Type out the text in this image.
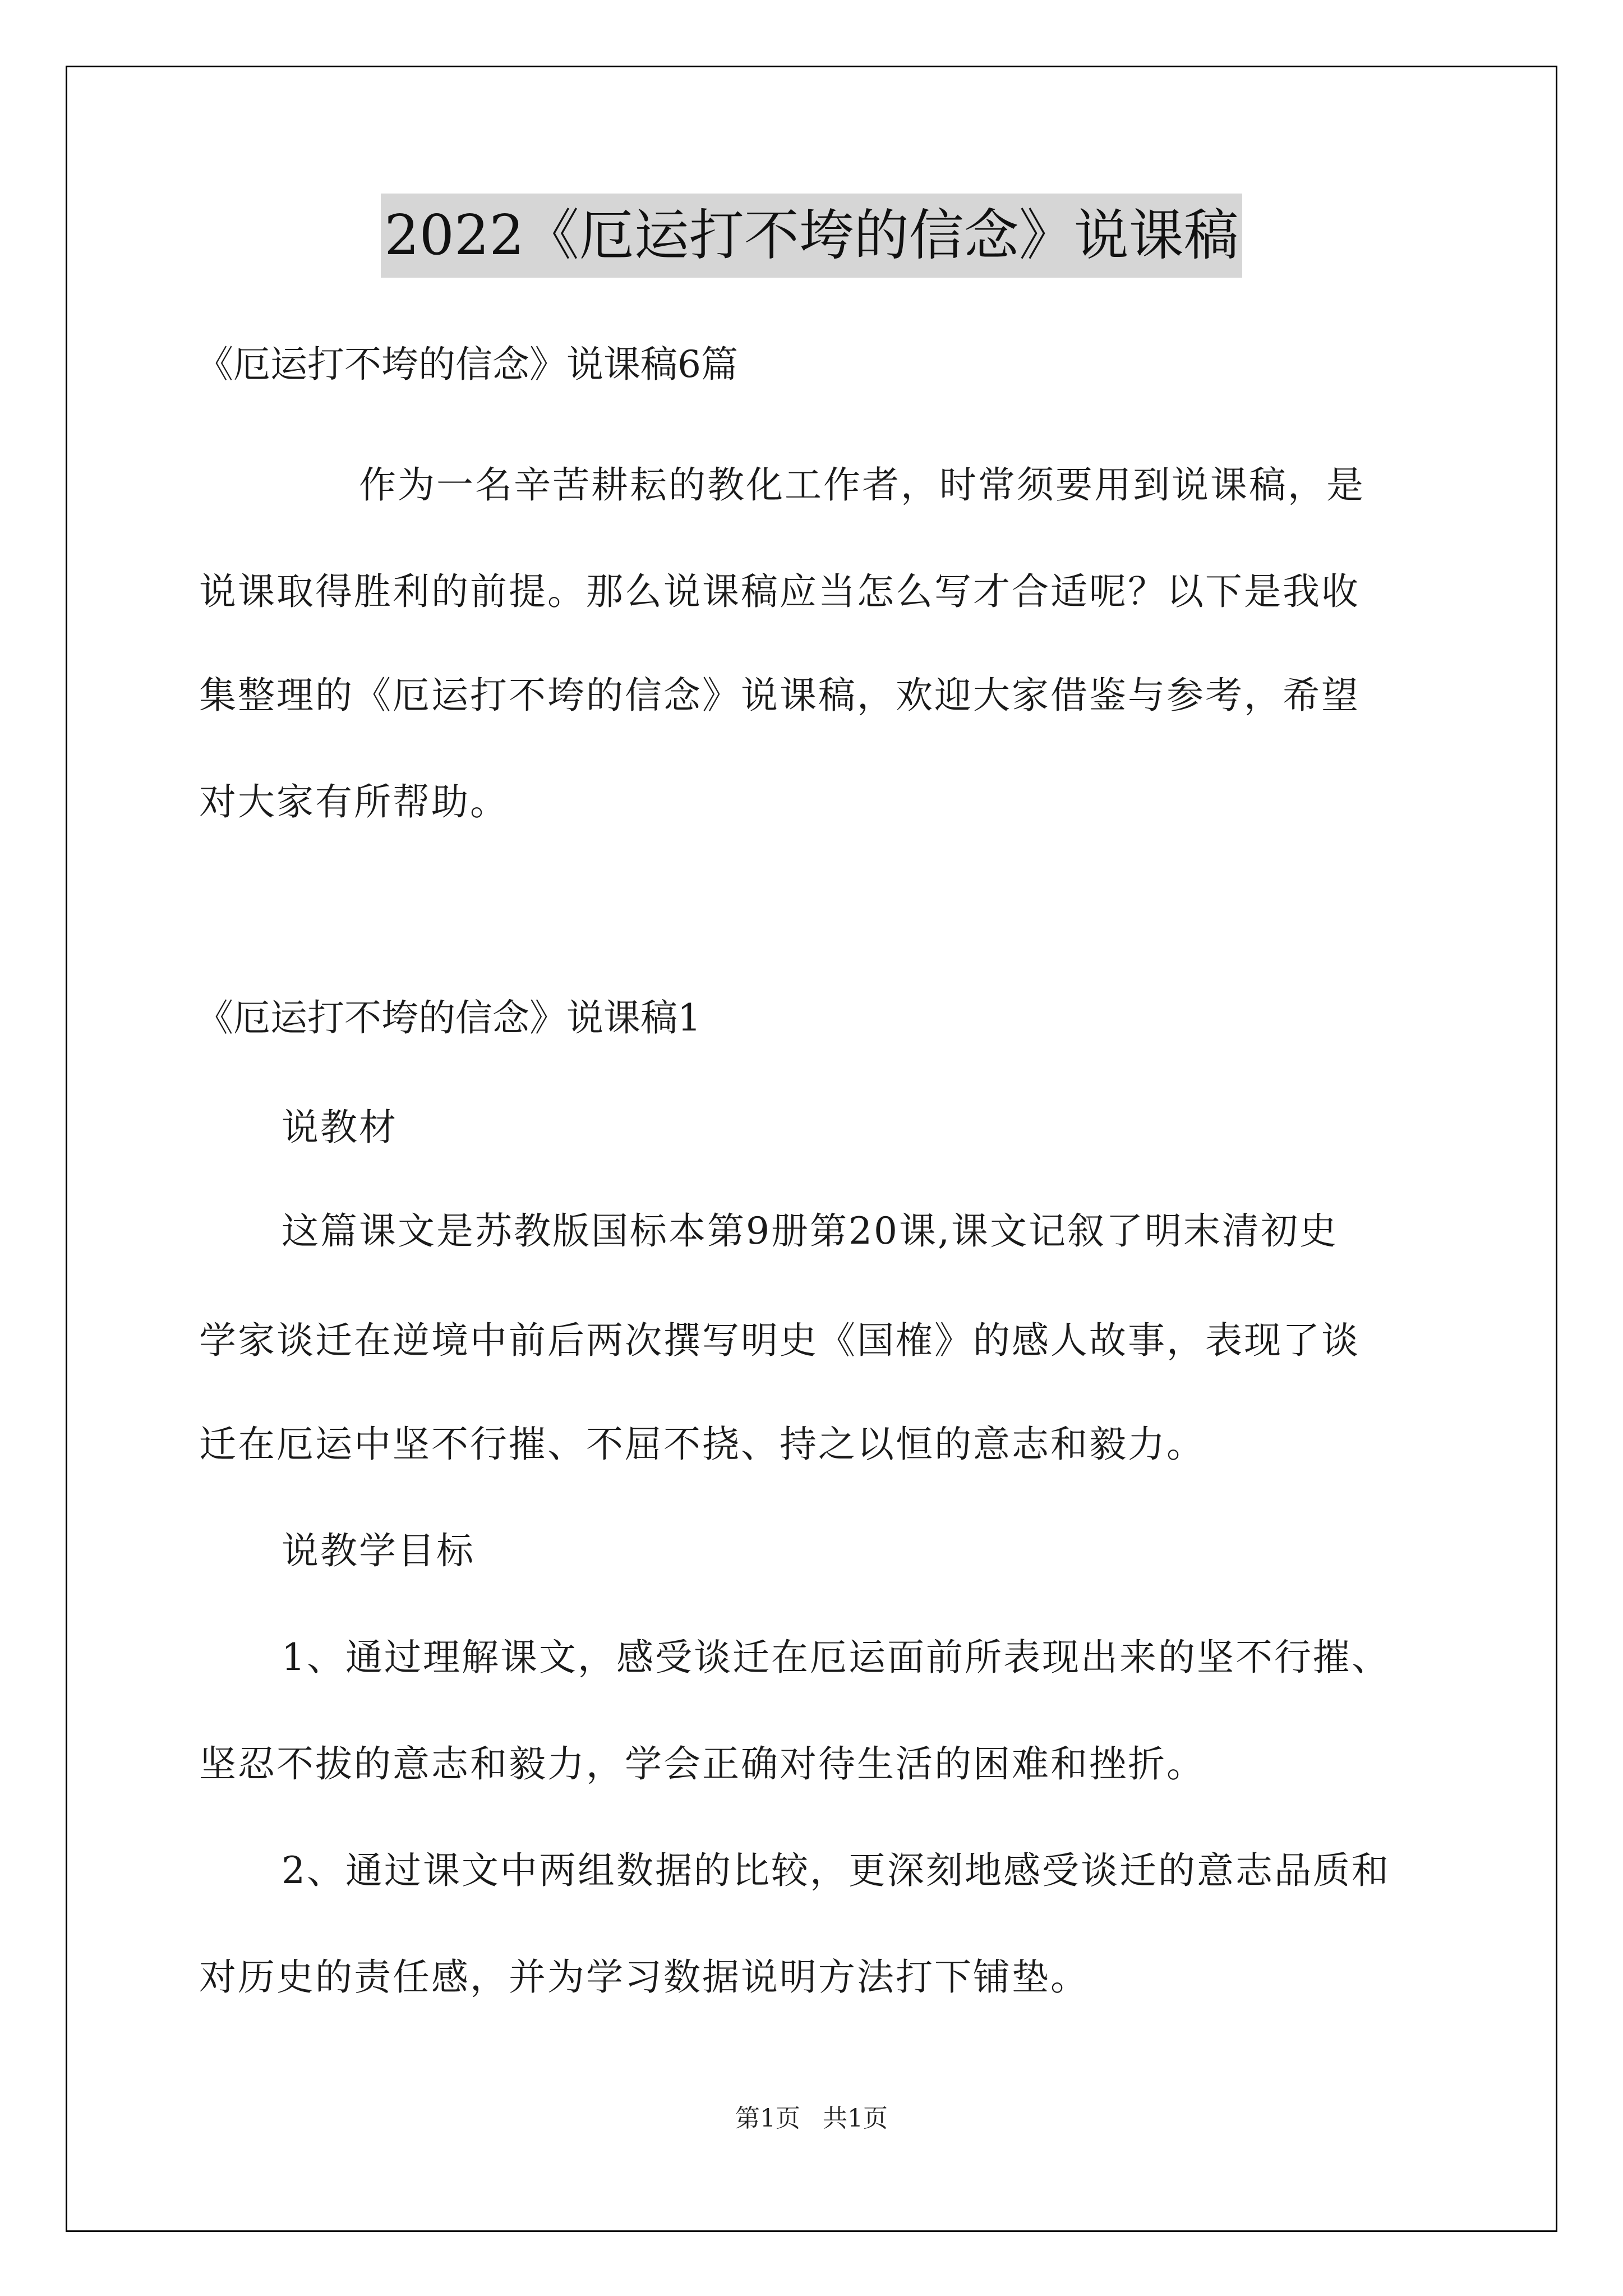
2022《厄运打不垮的信念》说课稿
《厄运打不垮的信念》说课稿6篇
作为一名辛苦耕耘的教化工作者，时常须要用到说课稿，是
说课取得胜利的前提。那么说课稿应当怎么写才合适呢？以下是我收
集整理的《厄运打不垮的信念》说课稿，欢迎大家借鉴与参考，希望
对大家有所帮助。
《厄运打不垮的信念》说课稿1
说教材
这篇课文是苏教版国标本第9册第20课,课文记叙了明末清初史
学家谈迁在逆境中前后两次撰写明史《国榷》的感人故事，表现了谈
迁在厄运中坚不行摧、不屈不挠、持之以恒的意志和毅力。
说教学目标
1、通过理解课文，感受谈迁在厄运面前所表现出来的坚不行摧、
坚忍不拔的意志和毅力，学会正确对待生活的困难和挫折。
2、通过课文中两组数据的比较，更深刻地感受谈迁的意志品质和
对历史的责任感，并为学习数据说明方法打下铺垫。
第1页 共1页
